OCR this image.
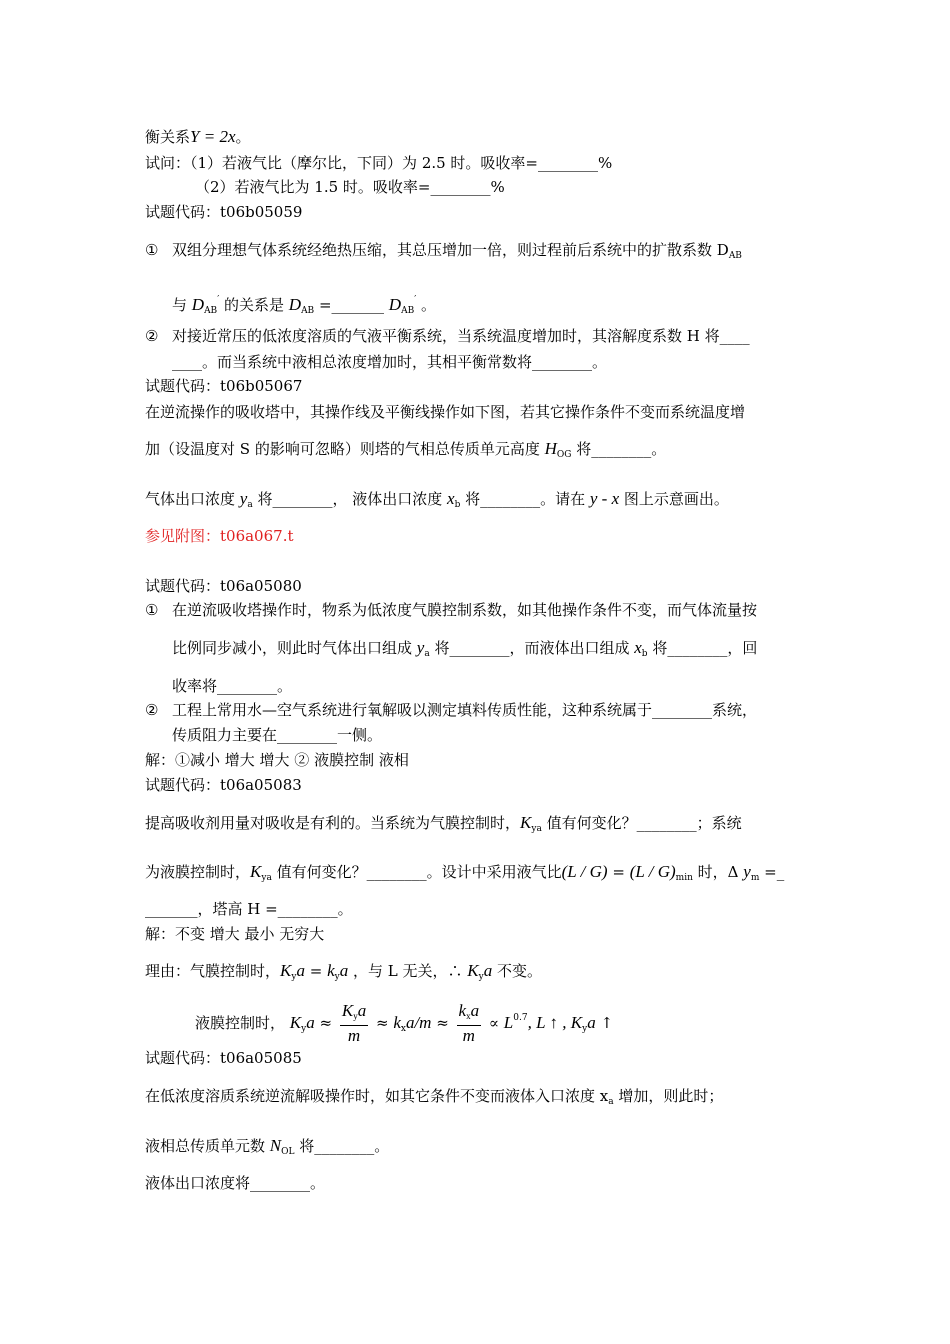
衡关系Y = 2x。
试问：（1）若液气比（摩尔比，下同）为 2.5 时。吸收率=________%
（2）若液气比为 1.5 时。吸收率=________%
试题代码：t06b05059
① 双组分理想气体系统经绝热压缩，其总压增加一倍，则过程前后系统中的扩散系数 $D_{AB}$
与 $D_{AB}'$ 的关系是 $D_{AB}$ =_______ $D_{AB}'$ 。
② 对接近常压的低浓度溶质的气液平衡系统，当系统温度增加时，其溶解度系数 H 将____
____。而当系统中液相总浓度增加时，其相平衡常数将________。
试题代码：t06b05067
在逆流操作的吸收塔中，其操作线及平衡线操作如下图，若其它操作条件不变而系统温度增
加（设温度对 S 的影响可忽略）则塔的气相总传质单元高度 $H_{OG}$ 将________。
气体出口浓度 $y_a$ 将________， 液体出口浓度 $x_b$ 将________。请在 y - x 图上示意画出。
参见附图：t06a067.t
试题代码：t06a05080
① 在逆流吸收塔操作时，物系为低浓度气膜控制系数，如其他操作条件不变，而气体流量按
比例同步减小，则此时气体出口组成 $y_a$ 将________，而液体出口组成 $x_b$ 将________，回
收率将________。
② 工程上常用水—空气系统进行氧解吸以测定填料传质性能，这种系统属于________系统，
传质阻力主要在________一侧。
解：①减小 增大 增大 ② 液膜控制 液相
试题代码：t06a05083
提高吸收剂用量对吸收是有利的。当系统为气膜控制时，$K_{ya}$ 值有何变化？________；系统
为液膜控制时，$K_{ya}$ 值有何变化？________。设计中采用液气比$(L / G) = (L / G)_{min}$ 时，Δ $y_m$ =_
_______，塔高 H =________。
解：不变 增大 最小 无穷大
理由：气膜控制时，$K_ya = k_ya$ ，与 L 无关，∴ $K_ya$ 不变。
液膜控制时， $K_ya \approx \frac{K_ya}{m} \approx k_xa/m \approx \frac{k_xa}{m} \propto L^{0.7}$, L ↑ , $K_ya$ ↑
试题代码：t06a05085
在低浓度溶质系统逆流解吸操作时，如其它条件不变而液体入口浓度 $x_a$ 增加，则此时；
液相总传质单元数 $N_{OL}$ 将________。
液体出口浓度将________。
